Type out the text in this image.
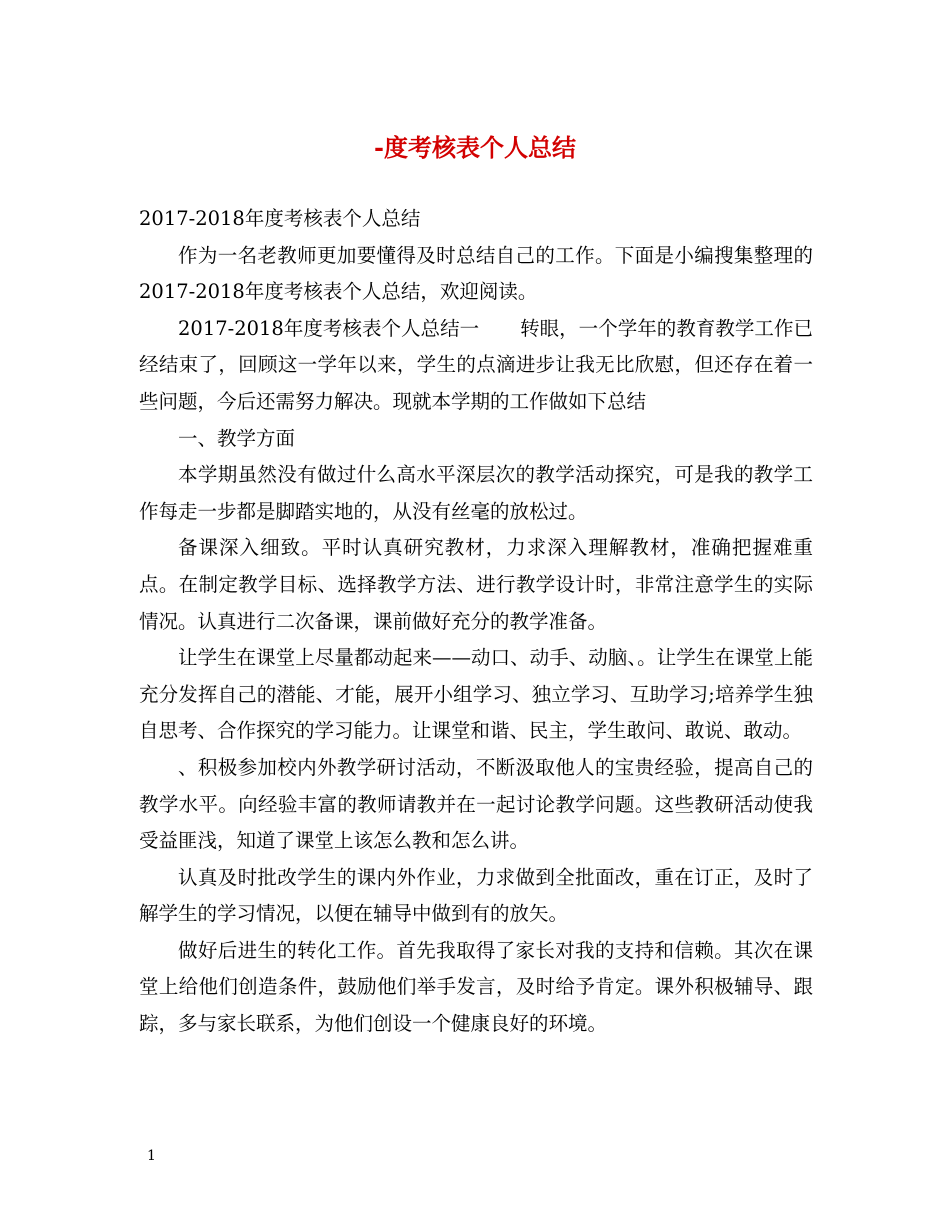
-度考核表个人总结

2017-2018年度考核表个人总结

作为一名老教师更加要懂得及时总结自己的工作。下面是小编搜集整理的2017-2018年度考核表个人总结，欢迎阅读。

2017-2018年度考核表个人总结一 转眼，一个学年的教育教学工作已经结束了，回顾这一学年以来，学生的点滴进步让我无比欣慰，但还存在着一些问题，今后还需努力解决。现就本学期的工作做如下总结

一、教学方面

本学期虽然没有做过什么高水平深层次的教学活动探究，可是我的教学工作每走一步都是脚踏实地的，从没有丝毫的放松过。

备课深入细致。平时认真研究教材，力求深入理解教材，准确把握难重点。在制定教学目标、选择教学方法、进行教学设计时，非常注意学生的实际情况。认真进行二次备课，课前做好充分的教学准备。

让学生在课堂上尽量都动起来——动口、动手、动脑、。让学生在课堂上能充分发挥自己的潜能、才能，展开小组学习、独立学习、互助学习;培养学生独自思考、合作探究的学习能力。让课堂和谐、民主，学生敢问、敢说、敢动。

、积极参加校内外教学研讨活动，不断汲取他人的宝贵经验，提高自己的教学水平。向经验丰富的教师请教并在一起讨论教学问题。这些教研活动使我受益匪浅，知道了课堂上该怎么教和怎么讲。

认真及时批改学生的课内外作业，力求做到全批面改，重在订正，及时了解学生的学习情况，以便在辅导中做到有的放矢。

做好后进生的转化工作。首先我取得了家长对我的支持和信赖。其次在课堂上给他们创造条件，鼓励他们举手发言，及时给予肯定。课外积极辅导、跟踪，多与家长联系，为他们创设一个健康良好的环境。

1
